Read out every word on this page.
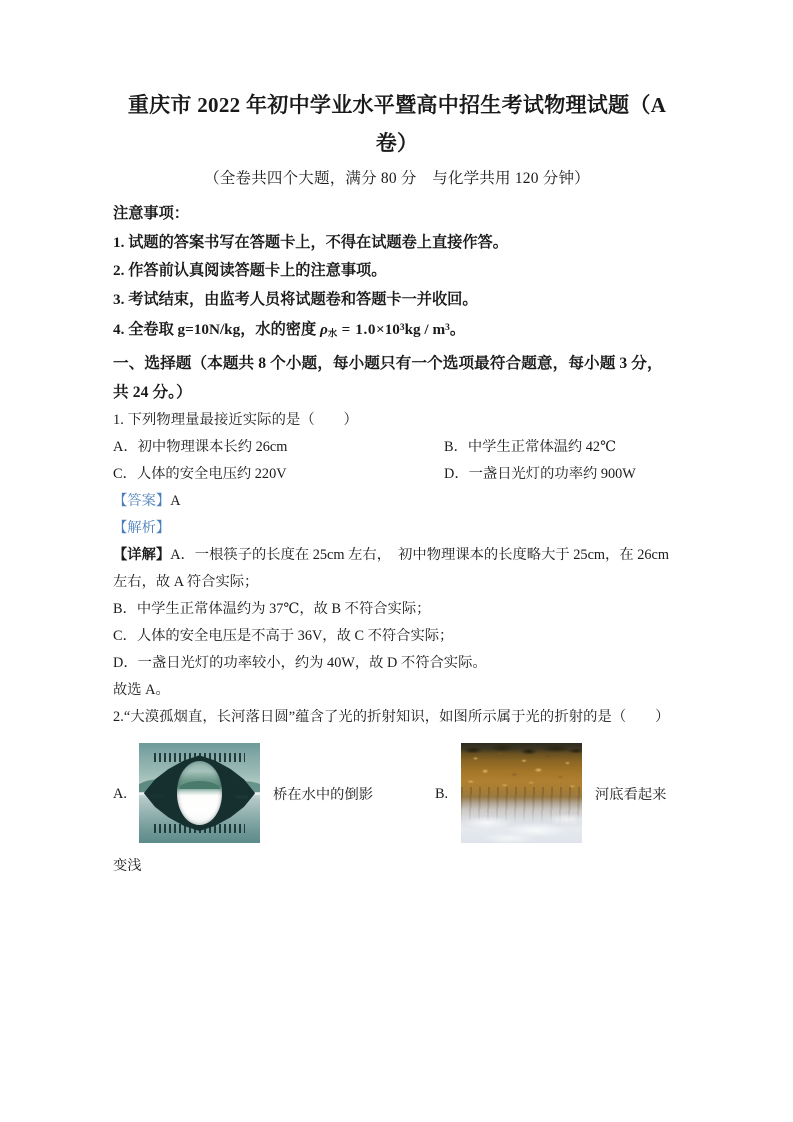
重庆市 2022 年初中学业水平暨高中招生考试物理试题（A 卷）
（全卷共四个大题，满分 80 分　与化学共用 120 分钟）
注意事项：
1. 试题的答案书写在答题卡上，不得在试题卷上直接作答。
2. 作答前认真阅读答题卡上的注意事项。
3. 考试结束，由监考人员将试题卷和答题卡一并收回。
4. 全卷取 g=10N/kg，水的密度 $\rho_水 = 1.0\times 10^3kg / m^3$。
一、选择题（本题共 8 个小题，每小题只有一个选项最符合题意，每小题 3 分，
共 24 分。）
1. 下列物理量最接近实际的是（　　）
A．初中物理课本长约 26cm	B．中学生正常体温约 42℃
C．人体的安全电压约 220V	D．一盏日光灯的功率约 900W
【答案】A
【解析】
【详解】A．一根筷子的长度在 25cm 左右，　初中物理课本的长度略大于 25cm，在 26cm
左右，故 A 符合实际；
B．中学生正常体温约为 37℃，故 B 不符合实际；
C．人体的安全电压是不高于 36V，故 C 不符合实际；
D．一盏日光灯的功率较小，约为 40W，故 D 不符合实际。
故选 A。
2.“大漠孤烟直，长河落日圆”蕴含了光的折射知识，如图所示属于光的折射的是（　　）
A.	桥在水中的倒影	B.	河底看起来
变浅
